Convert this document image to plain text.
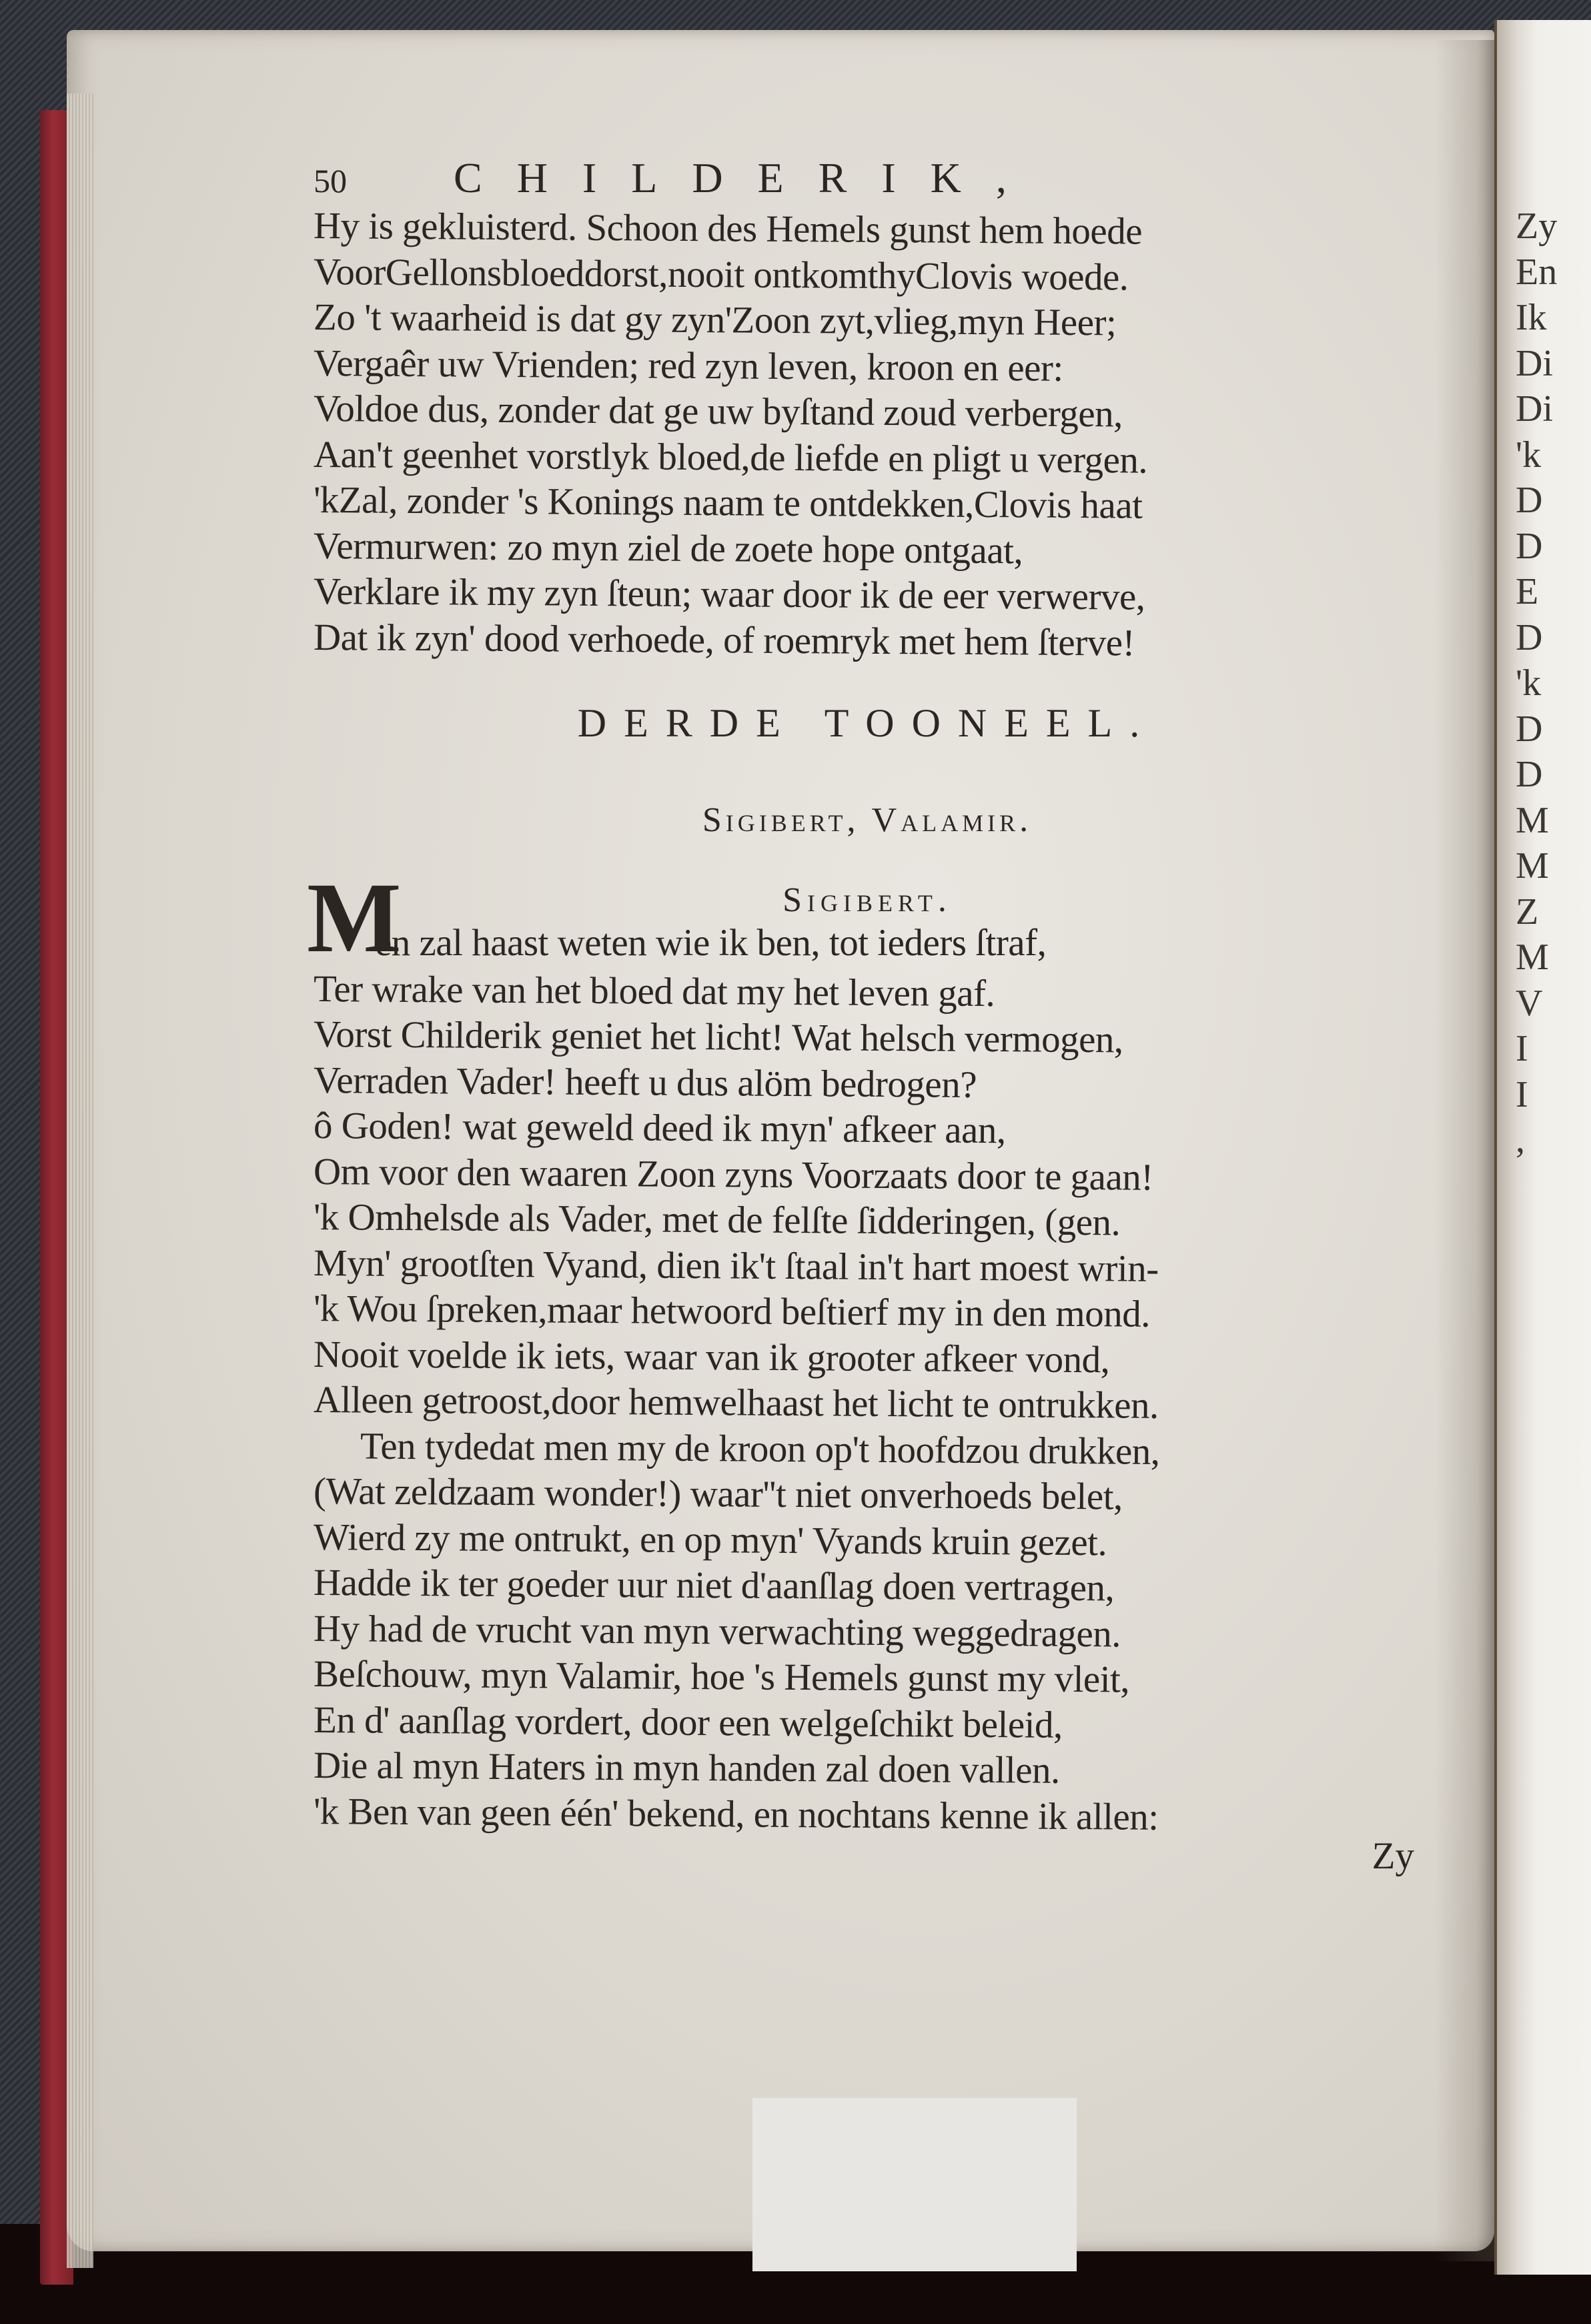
50	CHILDERIK,
Hy is gekluisterd. Schoon des Hemels gunst hem hoede
VoorGellonsbloeddorst,nooit ontkomthyClovis woede.
Zo 't waarheid is dat gy zyn'Zoon zyt,vlieg,myn Heer;
Vergaêr uw Vrienden; red zyn leven, kroon en eer:
Voldoe dus, zonder dat ge uw byſtand zoud verbergen,
Aan't geenhet vorstlyk bloed,de liefde en pligt u vergen.
'kZal, zonder 's Konings naam te ontdekken,Clovis haat
Vermurwen: zo myn ziel de zoete hope ontgaat,
Verklare ik my zyn ſteun; waar door ik de eer verwerve,
Dat ik zyn' dood verhoede, of roemryk met hem ſterve!
DERDE TOONEEL.
Sigibert, Valamir.
Sigibert.
M
en zal haast weten wie ik ben, tot ieders ſtraf,
Ter wrake van het bloed dat my het leven gaf.
Vorst Childerik geniet het licht! Wat helsch vermogen,
Verraden Vader! heeft u dus alöm bedrogen?
ô Goden! wat geweld deed ik myn' afkeer aan,
Om voor den waaren Zoon zyns Voorzaats door te gaan!
'k Omhelsde als Vader, met de felſte ſidderingen, (gen.
Myn' grootſten Vyand, dien ik't ſtaal in't hart moest wrin-
'k Wou ſpreken,maar hetwoord beſtierf my in den mond.
Nooit voelde ik iets, waar van ik grooter afkeer vond,
Alleen getroost,door hemwelhaast het licht te ontrukken.
Ten tydedat men my de kroon op't hoofdzou drukken,
(Wat zeldzaam wonder!) waar''t niet onverhoeds belet,
Wierd zy me ontrukt, en op myn' Vyands kruin gezet.
Hadde ik ter goeder uur niet d'aanſlag doen vertragen,
Hy had de vrucht van myn verwachting weggedragen.
Beſchouw, myn Valamir, hoe 's Hemels gunst my vleit,
En d' aanſlag vordert, door een welgeſchikt beleid,
Die al myn Haters in myn handen zal doen vallen.
'k Ben van geen één' bekend, en nochtans kenne ik allen:
Zy
Zy
En
Ik
Di
Di
'k
D
D
E
D
'k
D
D
M
M
Z
M
V
I
I
,
